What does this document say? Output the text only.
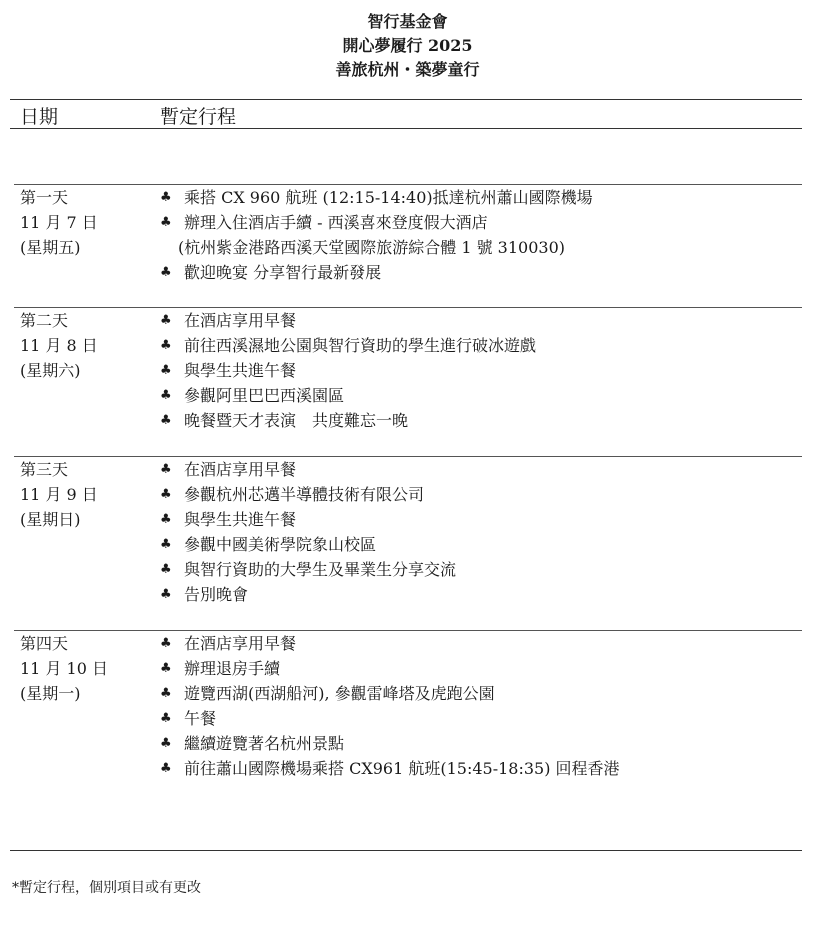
智行基金會
開心夢履行 2025
善旅杭州・築夢童行
日期	暫定行程
第一天
11 月 7 日
(星期五)
♣ 乘搭 CX 960 航班 (12:15-14:40)抵達杭州蕭山國際機場
♣ 辦理入住酒店手續 - 西溪喜來登度假大酒店
(杭州紫金港路西溪天堂國際旅游綜合體 1 號 310030)
♣ 歡迎晚宴 分享智行最新發展
第二天
11 月 8 日
(星期六)
♣ 在酒店享用早餐
♣ 前往西溪濕地公園與智行資助的學生進行破冰遊戲
♣ 與學生共進午餐
♣ 參觀阿里巴巴西溪園區
♣ 晚餐暨天才表演　共度難忘一晚
第三天
11 月 9 日
(星期日)
♣ 在酒店享用早餐
♣ 參觀杭州芯邁半導體技術有限公司
♣ 與學生共進午餐
♣ 參觀中國美術學院象山校區
♣ 與智行資助的大學生及畢業生分享交流
♣ 告別晚會
第四天
11 月 10 日
(星期一)
♣ 在酒店享用早餐
♣ 辦理退房手續
♣ 遊覽西湖(西湖船河), 參觀雷峰塔及虎跑公園
♣ 午餐
♣ 繼續遊覽著名杭州景點
♣ 前往蕭山國際機場乘搭 CX961 航班(15:45-18:35) 回程香港
*暫定行程，個別項目或有更改
